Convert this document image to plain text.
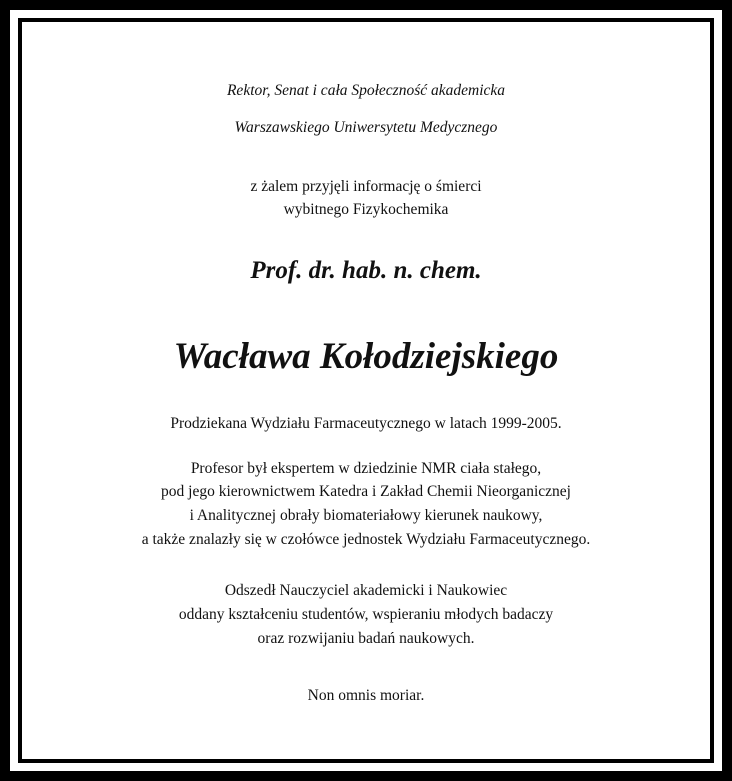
Rektor, Senat i cała Społeczność akademicka
Warszawskiego Uniwersytetu Medycznego
z żalem przyjęli informację o śmierci
wybitnego Fizykochemika
Prof. dr. hab. n. chem.
Wacława Kołodziejskiego
Prodziekana Wydziału Farmaceutycznego w latach 1999-2005.
Profesor był ekspertem w dziedzinie NMR ciała stałego,
pod jego kierownictwem Katedra i Zakład Chemii Nieorganicznej
i Analitycznej obrały biomateriałowy kierunek naukowy,
a także znalazły się w czołówce jednostek Wydziału Farmaceutycznego.
Odszedł Nauczyciel akademicki i Naukowiec
oddany kształceniu studentów, wspieraniu młodych badaczy
oraz rozwijaniu badań naukowych.
Non omnis moriar.
